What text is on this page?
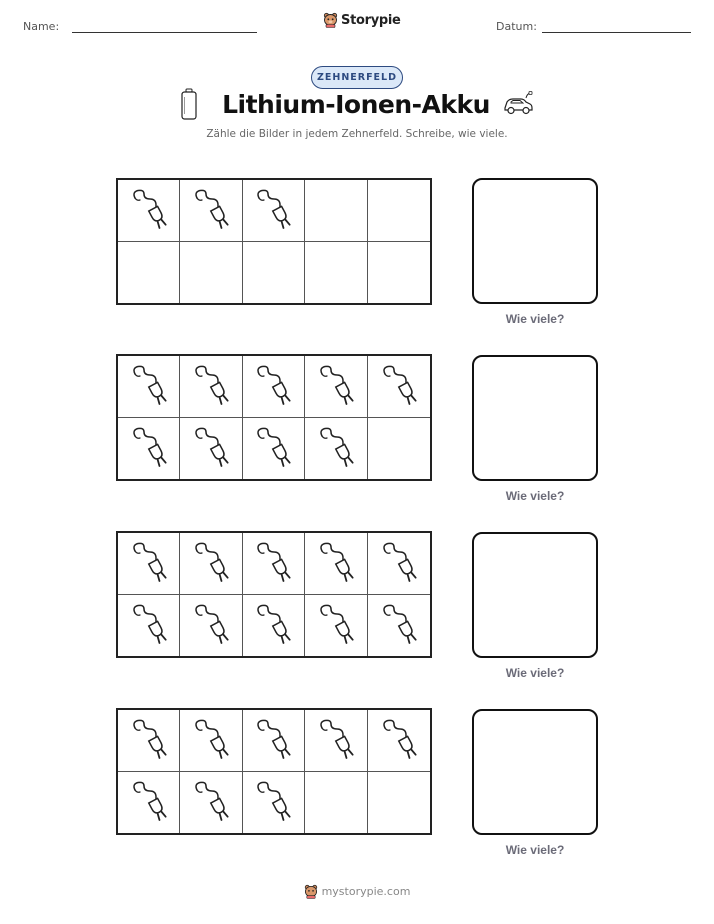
Name:	Storypie	Datum:
ZEHNERFELD
Lithium-Ionen-Akku
Zähle die Bilder in jedem Zehnerfeld. Schreibe, wie viele.
Wie viele?
Wie viele?
Wie viele?
Wie viele?
mystorypie.com
